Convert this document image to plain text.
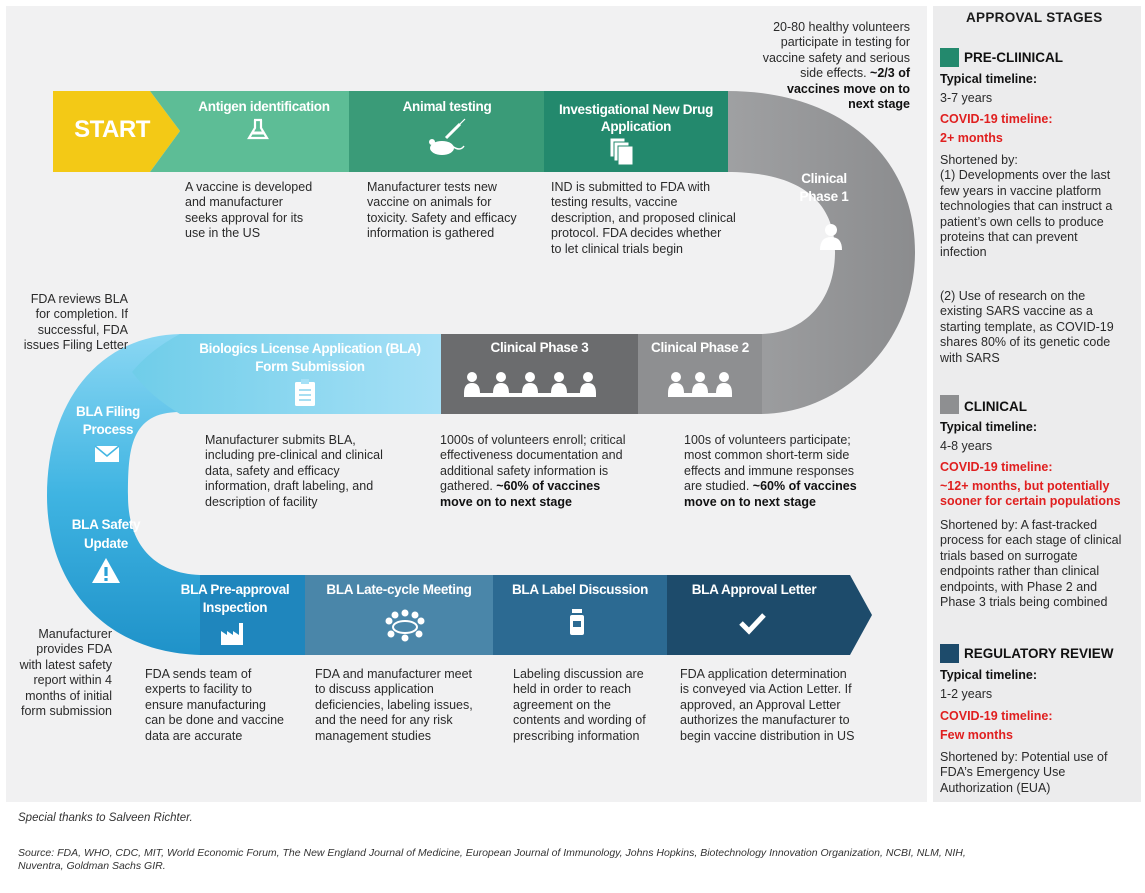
START
Antigen identification	Animal testing	Investigational New Drug
Application
Clinical
Phase 1
Clinical Phase 2
Clinical Phase 3
Biologics License Application (BLA)
Form Submission
BLA Filing
Process
BLA Safety
Update
BLA Pre-approval
Inspection
BLA Late-cycle Meeting	BLA Label Discussion	BLA Approval Letter
A vaccine is developed
and manufacturer
seeks approval for its
use in the US
Manufacturer tests new
vaccine on animals for
toxicity. Safety and efficacy
information is gathered
IND is submitted to FDA with
testing results, vaccine
description, and proposed clinical
protocol. FDA decides whether
to let clinical trials begin
20-80 healthy volunteers
participate in testing for
vaccine safety and serious
side effects. ~2/3 of
vaccines move on to
next stage
Manufacturer submits BLA,
including pre-clinical and clinical
data, safety and efficacy
information, draft labeling, and
description of facility
1000s of volunteers enroll; critical
effectiveness documentation and
additional safety information is
gathered. ~60% of vaccines
move on to next stage
100s of volunteers participate;
most common short-term side
effects and immune responses
are studied. ~60% of vaccines
move on to next stage
FDA reviews BLA
for completion. If
successful, FDA
issues Filing Letter
Manufacturer
provides FDA
with latest safety
report within 4
months of initial
form submission
FDA sends team of
experts to facility to
ensure manufacturing
can be done and vaccine
data are accurate
FDA and manufacturer meet
to discuss application
deficiencies, labeling issues,
and the need for any risk
management studies
Labeling discussion are
held in order to reach
agreement on the
contents and wording of
prescribing information
FDA application determination
is conveyed via Action Letter. If
approved, an Approval Letter
authorizes the manufacturer to
begin vaccine distribution in US
APPROVAL STAGES
PRE-CLIINICAL
Typical timeline:
3-7 years
COVID-19 timeline:
2+ months
Shortened by:
(1) Developments over the last
few years in vaccine platform
technologies that can instruct a
patient’s own cells to produce
proteins that can prevent
infection
(2) Use of research on the
existing SARS vaccine as a
starting template, as COVID-19
shares 80% of its genetic code
with SARS
CLINICAL
Typical timeline:
4-8 years
COVID-19 timeline:
~12+ months, but potentially
sooner for certain populations
Shortened by: A fast-tracked
process for each stage of clinical
trials based on surrogate
endpoints rather than clinical
endpoints, with Phase 2 and
Phase 3 trials being combined
REGULATORY REVIEW
Typical timeline:
1-2 years
COVID-19 timeline:
Few months
Shortened by: Potential use of
FDA’s Emergency Use
Authorization (EUA)
Special thanks to Salveen Richter.
Source: FDA, WHO, CDC, MIT, World Economic Forum, The New England Journal of Medicine, European Journal of Immunology, Johns Hopkins, Biotechnology Innovation Organization, NCBI, NLM, NIH,
Nuventra, Goldman Sachs GIR.
